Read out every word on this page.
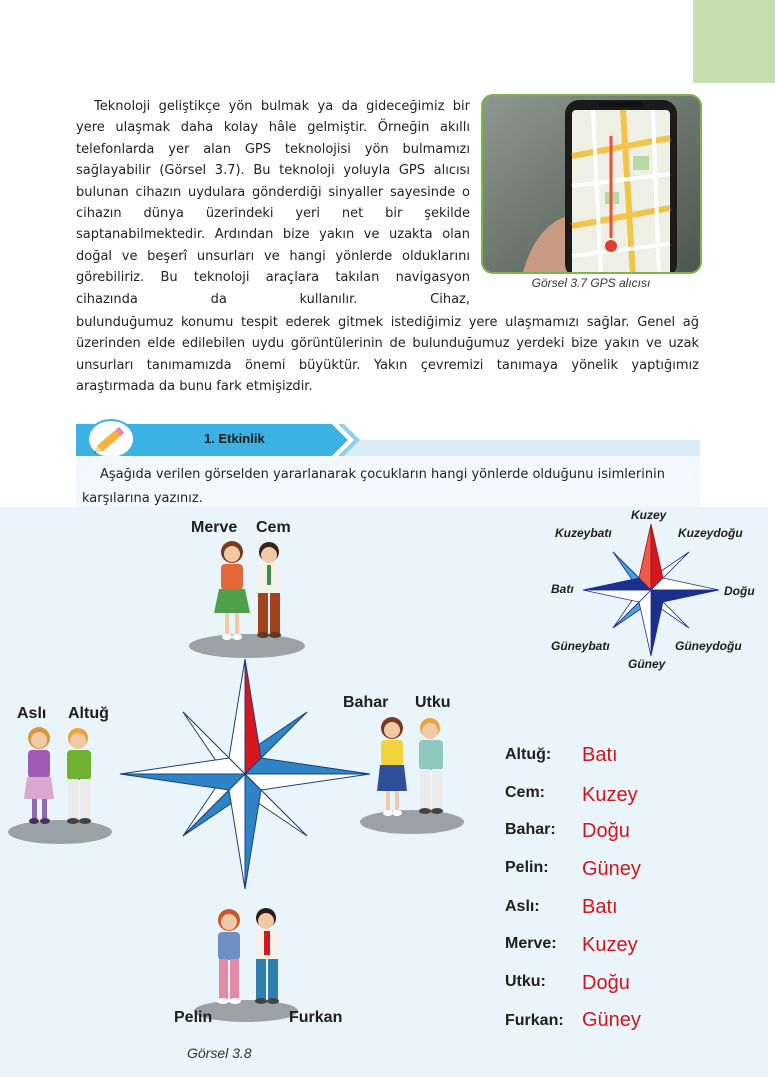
Teknoloji geliştikçe yön bulmak ya da gideceğimiz bir yere ulaşmak daha kolay hâle gelmiştir. Örneğin akıllı telefonlarda yer alan GPS teknolojisi yön bulmamızı sağlayabilir (Görsel 3.7). Bu teknoloji yoluyla GPS alıcısı bulunan cihazın uydulara gönderdiği sinyaller sayesinde o cihazın dünya üzerindeki yeri net bir şekilde saptanabilmektedir. Ardından bize yakın ve uzakta olan doğal ve beşerî unsurları ve hangi yönlerde olduklarını görebiliriz. Bu teknoloji araçlara takılan navigasyon cihazında da kullanılır. Cihaz,

Görsel 3.7 GPS alıcısı

bulunduğumuz konumu tespit ederek gitmek istediğimiz yere ulaşmamızı sağlar. Genel ağ üzerinden elde edilebilen uydu görüntülerinin de bulunduğumuz yerdeki bize yakın ve uzak unsurları tanımamızda önemi büyüktür. Yakın çevremizi tanımaya yönelik yaptığımız araştırmada da bunu fark etmişizdir.

1. Etkinlik

Aşağıda verilen görselden yararlanarak çocukların hangi yönlerde olduğunu isimlerinin karşılarına yazınız.

Merve Cem
Aslı Altuğ
Bahar Utku
Pelin	Furkan
Kuzey
Kuzeybatı	Kuzeydoğu
Batı	Doğu
Güneybatı	Güneydoğu
Güney
Altuğ: Batı
Cem: Kuzey
Bahar: Doğu
Pelin: Güney
Aslı: Batı
Merve: Kuzey
Utku: Doğu
Furkan: Güney
Görsel 3.8
